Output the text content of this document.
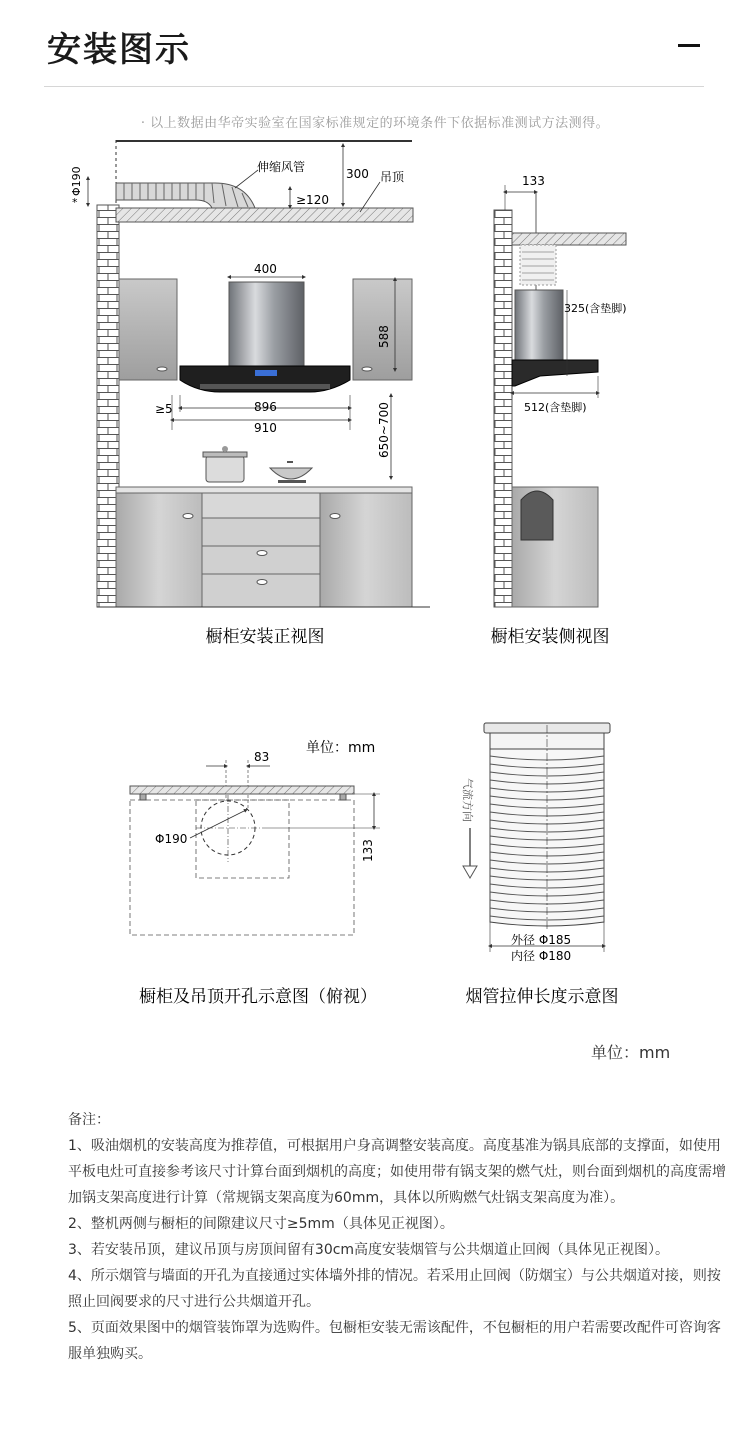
安装图示
· 以上数据由华帝实验室在国家标准规定的环境条件下依据标准测试方法测得。
伸缩风管	300 吊顶
≥120
Φ190
*
400
588
≥5	896
910	650~700
橱柜安装正视图
133
512(含垫脚)
325(含垫脚)
橱柜安装侧视图
单位：mm
83
Φ190
133
橱柜及吊顶开孔示意图（俯视）
气流方向
外径 Φ185
内径 Φ180
烟管拉伸长度示意图
单位：mm

备注：

1、吸油烟机的安装高度为推荐值，可根据用户身高调整安装高度。高度基准为锅具底部的支撑面，如使用平板电灶可直接参考该尺寸计算台面到烟机的高度；如使用带有锅支架的燃气灶，则台面到烟机的高度需增加锅支架高度进行计算（常规锅支架高度为60mm，具体以所购燃气灶锅支架高度为准）。

2、整机两侧与橱柜的间隙建议尺寸≥5mm（具体见正视图）。

3、若安装吊顶，建议吊顶与房顶间留有30cm高度安装烟管与公共烟道止回阀（具体见正视图）。

4、所示烟管与墙面的开孔为直接通过实体墙外排的情况。若采用止回阀（防烟宝）与公共烟道对接，则按照止回阀要求的尺寸进行公共烟道开孔。

5、页面效果图中的烟管装饰罩为选购件。包橱柜安装无需该配件，不包橱柜的用户若需要改配件可咨询客服单独购买。
